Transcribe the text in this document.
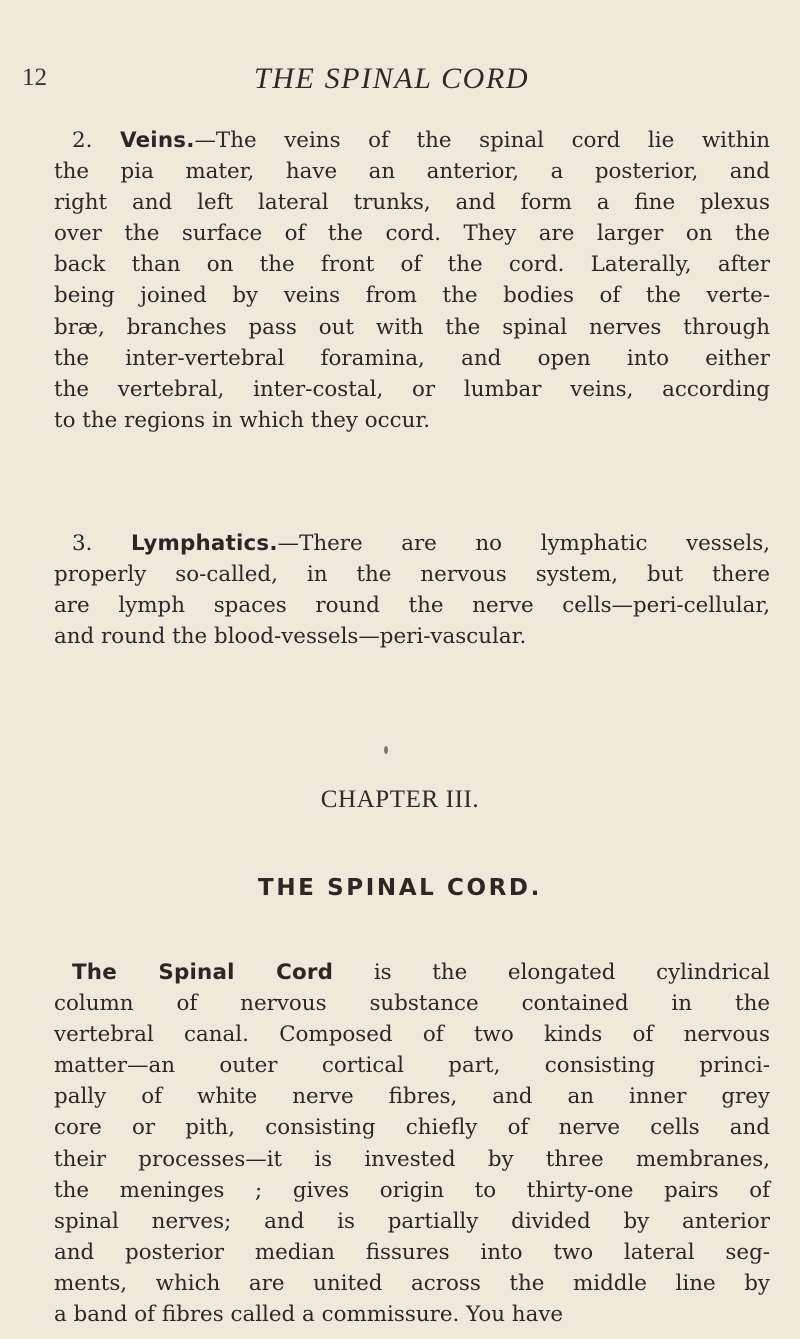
12	THE SPINAL CORD
2. Veins.—The veins of the spinal cord lie within
the pia mater, have an anterior, a posterior, and
right and left lateral trunks, and form a fine plexus
over the surface of the cord. They are larger on the
back than on the front of the cord. Laterally, after
being joined by veins from the bodies of the verte-
bræ, branches pass out with the spinal nerves through
the inter-vertebral foramina, and open into either
the vertebral, inter-costal, or lumbar veins, according
to the regions in which they occur.
3. Lymphatics.—There are no lymphatic vessels,
properly so-called, in the nervous system, but there
are lymph spaces round the nerve cells—peri-cellular,
and round the blood-vessels—peri-vascular.
CHAPTER III.
THE SPINAL CORD.
The Spinal Cord is the elongated cylindrical
column of nervous substance contained in the
vertebral canal. Composed of two kinds of nervous
matter—an outer cortical part, consisting princi-
pally of white nerve fibres, and an inner grey
core or pith, consisting chiefly of nerve cells and
their processes—it is invested by three membranes,
the meninges ; gives origin to thirty-one pairs of
spinal nerves; and is partially divided by anterior
and posterior median fissures into two lateral seg-
ments, which are united across the middle line by
a band of fibres called a commissure. You have
